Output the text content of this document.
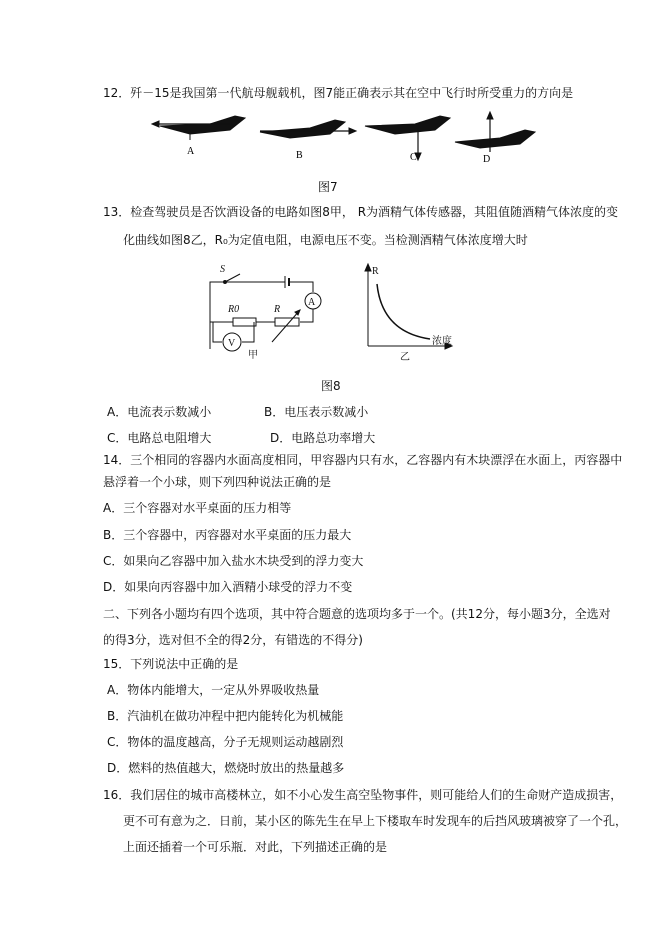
12．歼－15是我国第一代航母舰载机，图7能正确表示其在空中飞行时所受重力的方向是
A	B	C	D
图7
13．检查驾驶员是否饮酒设备的电路如图8甲， R为酒精气体传感器，其阻值随酒精气体浓度的变
化曲线如图8乙，R₀为定值电阻，电源电压不变。当检测酒精气体浓度增大时
S
A
R0	R
V
甲
R
浓度
乙
图8
A．电流表示数减小	B．电压表示数减小
C．电路总电阻增大	D．电路总功率增大
14．三个相同的容器内水面高度相同，甲容器内只有水，乙容器内有木块漂浮在水面上，丙容器中
悬浮着一个小球，则下列四种说法正确的是
A．三个容器对水平桌面的压力相等
B．三个容器中，丙容器对水平桌面的压力最大
C．如果向乙容器中加入盐水木块受到的浮力变大
D．如果向丙容器中加入酒精小球受的浮力不变
二、下列各小题均有四个选项，其中符合题意的选项均多于一个。(共12分，每小题3分，全选对
的得3分，选对但不全的得2分，有错选的不得分)
15．下列说法中正确的是
A．物体内能增大，一定从外界吸收热量
B．汽油机在做功冲程中把内能转化为机械能
C．物体的温度越高，分子无规则运动越剧烈
D．燃料的热值越大，燃烧时放出的热量越多
16．我们居住的城市高楼林立，如不小心发生高空坠物事件，则可能给人们的生命财产造成损害，
更不可有意为之．日前，某小区的陈先生在早上下楼取车时发现车的后挡风玻璃被穿了一个孔，
上面还插着一个可乐瓶．对此，下列描述正确的是
